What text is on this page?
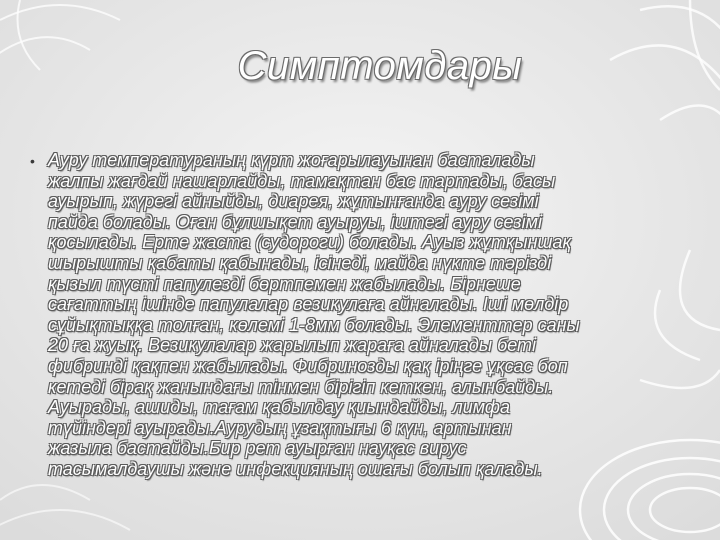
Симптомдары
• Ауру температураның күрт жоғарылауынан басталады
жалпы жағдай нашарлайды, тамақтан бас тартады, басы
ауырып, жүрегі айныйды, диарея, жұтынғанда ауру сезімі
пайда болады. Оған бұлшықет ауыруы, іштегі ауру сезімі
қосылады. Ерте жаста (судороги) болады. Ауыз жұтқыншақ
шырышты қабаты қабынады, ісінеді, майда нүкте тәрізді
қызыл түсті папулезді бөртпемен жабылады. Бірнеше
сағаттың ішінде папулалар везикулаға айналады. Іші мөлдір
сұйықтыққа толған, көлемі 1-8мм болады. Элементтер саны
20 ға жуық. Везикулалар жарылып жараға айналады беті
фибринді қақпен жабылады. Фибринозды қақ іріңге ұқсас боп
кетеді бірақ жанындағы тінмен бірігіп кеткен, алынбайды.
Ауырады, ашиды, тағам қабылдау қиындайды, лимфа
түйіндері ауырады.Аурудың ұзақтығы 6 күн, артынан
жазыла бастайды.Бир рет ауырған науқас вирус
тасымалдаушы және инфекцияның ошағы болып қалады.
